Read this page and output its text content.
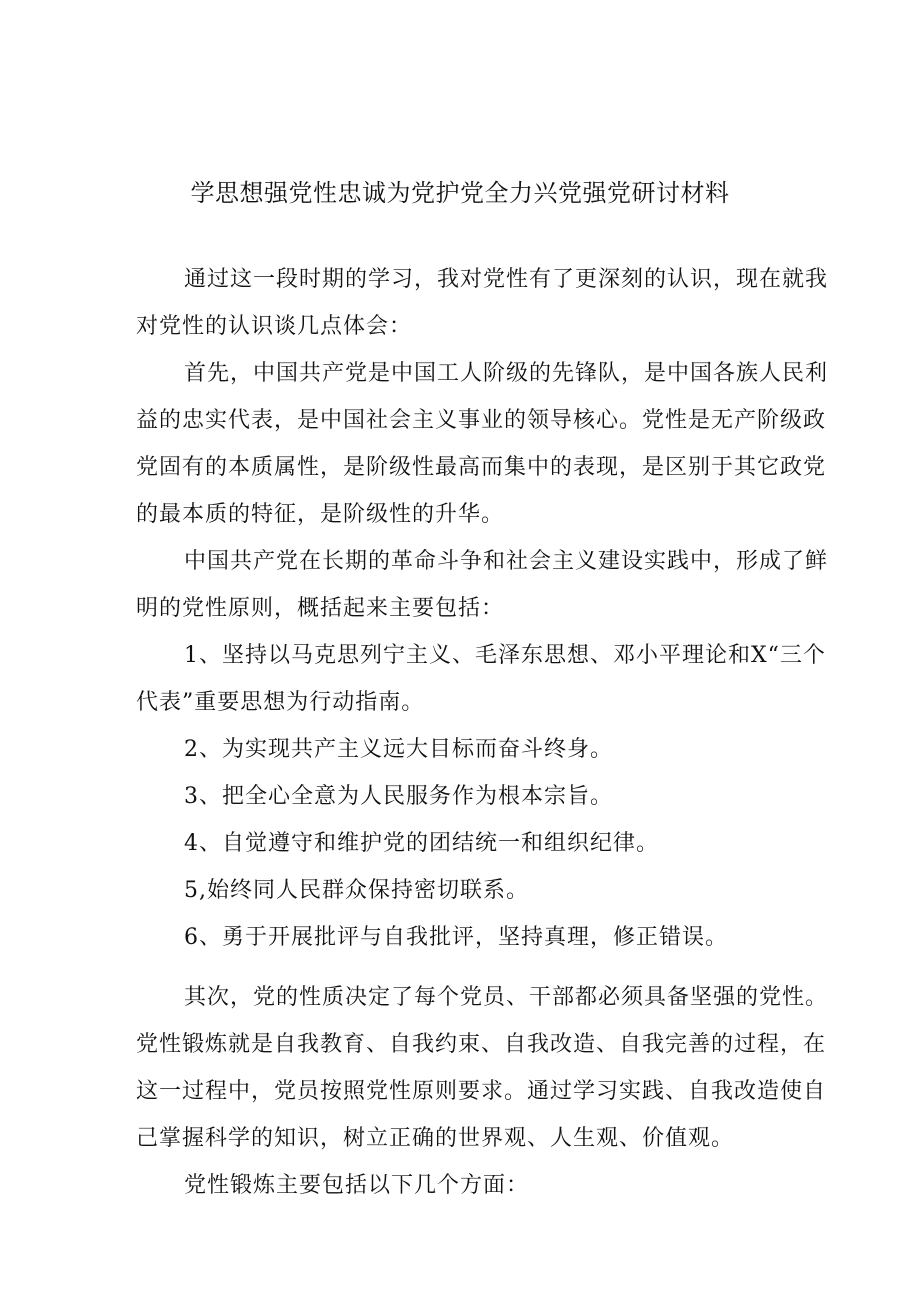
学思想强党性忠诚为党护党全力兴党强党研讨材料
通过这一段时期的学习，我对党性有了更深刻的认识，现在就我
对党性的认识谈几点体会：
首先，中国共产党是中国工人阶级的先锋队，是中国各族人民利
益的忠实代表，是中国社会主义事业的领导核心。党性是无产阶级政
党固有的本质属性，是阶级性最高而集中的表现，是区别于其它政党
的最本质的特征，是阶级性的升华。
中国共产党在长期的革命斗争和社会主义建设实践中，形成了鲜
明的党性原则，概括起来主要包括：
1、坚持以马克思列宁主义、毛泽东思想、邓小平理论和X“三个
代表”重要思想为行动指南。
2、为实现共产主义远大目标而奋斗终身。
3、把全心全意为人民服务作为根本宗旨。
4、自觉遵守和维护党的团结统一和组织纪律。
5,始终同人民群众保持密切联系。
6、勇于开展批评与自我批评，坚持真理，修正错误。
其次，党的性质决定了每个党员、干部都必须具备坚强的党性。
党性锻炼就是自我教育、自我约束、自我改造、自我完善的过程，在
这一过程中，党员按照党性原则要求。通过学习实践、自我改造使自
己掌握科学的知识，树立正确的世界观、人生观、价值观。
党性锻炼主要包括以下几个方面：
